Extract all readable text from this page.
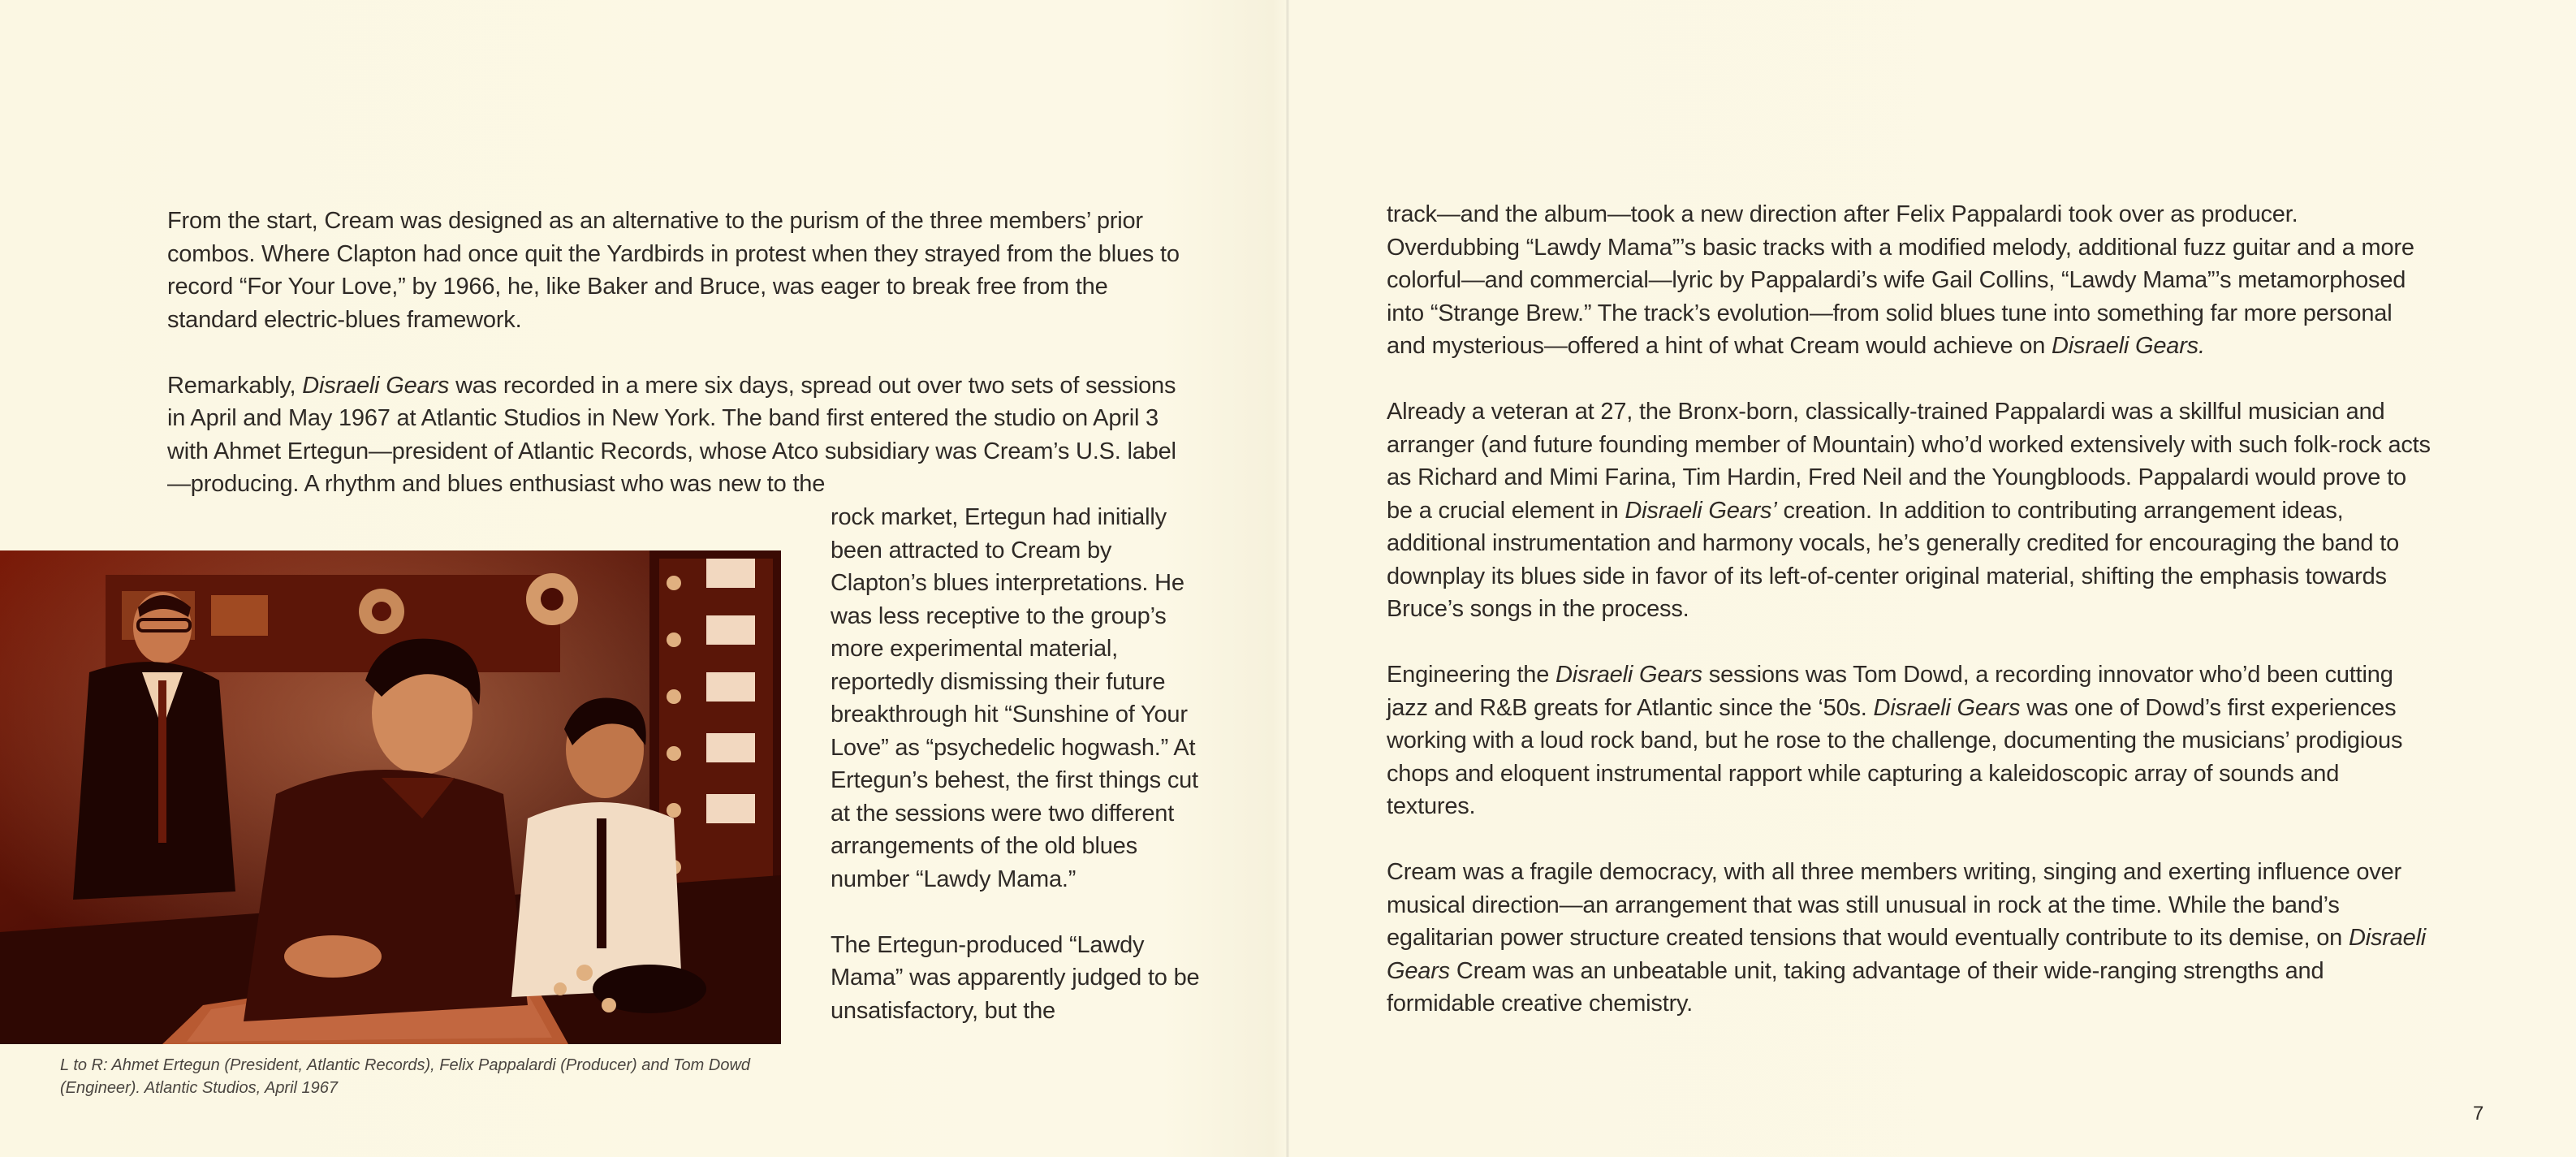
From the start, Cream was designed as an alternative to the purism of the three members’ prior combos. Where Clapton had once quit the Yardbirds in protest when they strayed from the blues to record “For Your Love,” by 1966, he, like Baker and Bruce, was eager to break free from the standard electric-blues framework.

Remarkably, Disraeli Gears was recorded in a mere six days, spread out over two sets of sessions in April and May 1967 at Atlantic Studios in New York. The band first entered the studio on April 3 with Ahmet Ertegun—president of Atlantic Records, whose Atco subsidiary was Cream’s U.S. label—producing. A rhythm and blues enthusiast who was new to the

rock market, Ertegun had initially been attracted to Cream by Clapton’s blues interpretations. He was less receptive to the group’s more experimental material, reportedly dismissing their future breakthrough hit “Sunshine of Your Love” as “psychedelic hogwash.” At Ertegun’s behest, the first things cut at the sessions were two different arrangements of the old blues number “Lawdy Mama.”

The Ertegun-produced “Lawdy Mama” was apparently judged to be unsatisfactory, but the

L to R: Ahmet Ertegun (President, Atlantic Records), Felix Pappalardi (Producer) and Tom Dowd (Engineer). Atlantic Studios, April 1967

track—and the album—took a new direction after Felix Pappalardi took over as producer. Overdubbing “Lawdy Mama”’s basic tracks with a modified melody, additional fuzz guitar and a more colorful—and commercial—lyric by Pappalardi’s wife Gail Collins, “Lawdy Mama”’s metamorphosed into “Strange Brew.” The track’s evolution—from solid blues tune into something far more personal and mysterious—offered a hint of what Cream would achieve on Disraeli Gears.

Already a veteran at 27, the Bronx-born, classically-trained Pappalardi was a skillful musician and arranger (and future founding member of Mountain) who’d worked extensively with such folk-rock acts as Richard and Mimi Farina, Tim Hardin, Fred Neil and the Youngbloods. Pappalardi would prove to be a crucial element in Disraeli Gears’ creation. In addition to contributing arrangement ideas, additional instrumentation and harmony vocals, he’s generally credited for encouraging the band to downplay its blues side in favor of its left-of-center original material, shifting the emphasis towards Bruce’s songs in the process.

Engineering the Disraeli Gears sessions was Tom Dowd, a recording innovator who’d been cutting jazz and R&B greats for Atlantic since the ‘50s. Disraeli Gears was one of Dowd’s first experiences working with a loud rock band, but he rose to the challenge, documenting the musicians’ prodigious chops and eloquent instrumental rapport while capturing a kaleidoscopic array of sounds and textures.

Cream was a fragile democracy, with all three members writing, singing and exerting influence over musical direction—an arrangement that was still unusual in rock at the time. While the band’s egalitarian power structure created tensions that would eventually contribute to its demise, on Disraeli Gears Cream was an unbeatable unit, taking advantage of their wide-ranging strengths and formidable creative chemistry.

7
